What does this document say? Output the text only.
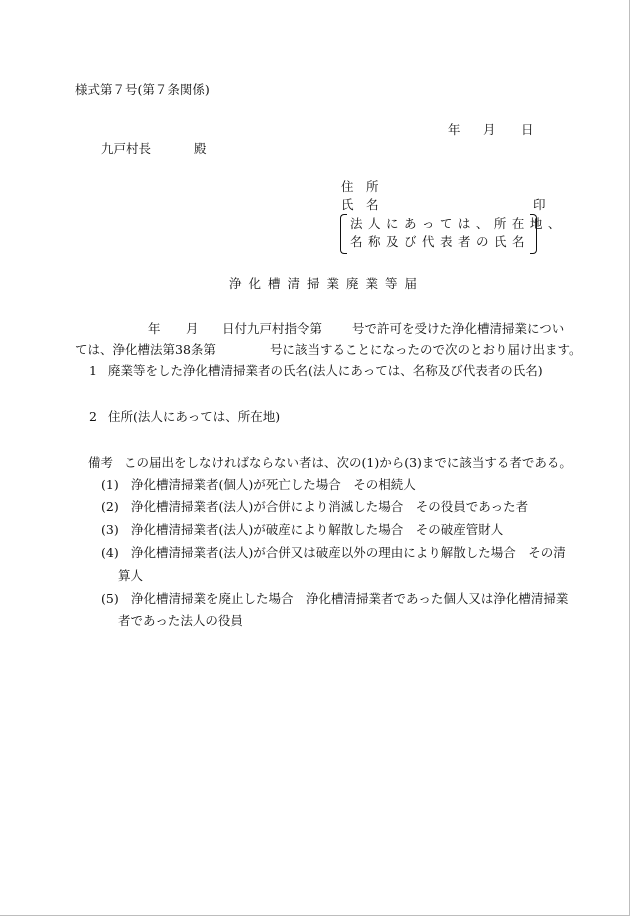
様式第７号(第７条関係)
年 月 日
九戸村長	殿
住　所
氏　名	印
法人にあっては、所在地、
名称及び代表者の氏名
浄化槽清掃業廃業等届
年 月 日付九戸村指令第 号で許可を受けた浄化槽清掃業につい
ては、浄化槽法第38条第	号に該当することになったので次のとおり届け出ます。
1 廃業等をした浄化槽清掃業者の氏名(法人にあっては、名称及び代表者の氏名)
2 住所(法人にあっては、所在地)
備考 この届出をしなければならない者は、次の(1)から(3)までに該当する者である。
(1) 浄化槽清掃業者(個人)が死亡した場合　その相続人
(2) 浄化槽清掃業者(法人)が合併により消滅した場合　その役員であった者
(3) 浄化槽清掃業者(法人)が破産により解散した場合　その破産管財人
(4) 浄化槽清掃業者(法人)が合併又は破産以外の理由により解散した場合　その清
算人
(5) 浄化槽清掃業を廃止した場合　浄化槽清掃業者であった個人又は浄化槽清掃業
者であった法人の役員
